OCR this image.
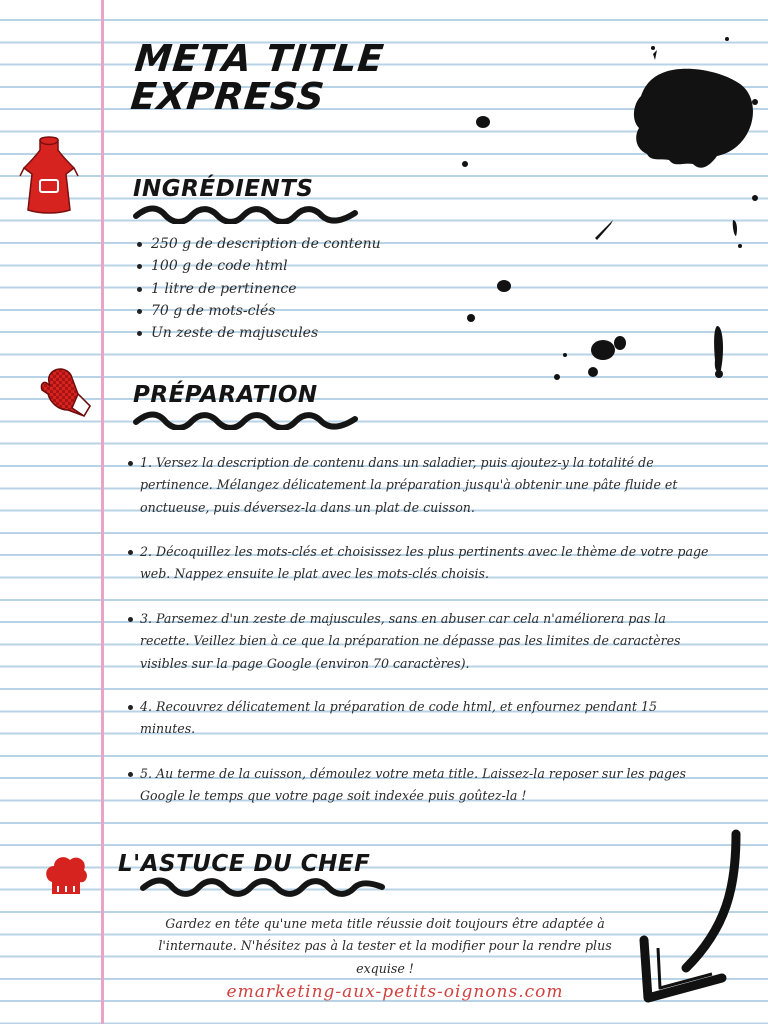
META TITLE EXPRESS
INGRÉDIENTS
250 g de description de contenu
100 g de code html
1 litre de pertinence
70 g de mots-clés
Un zeste de majuscules
PRÉPARATION

1. Versez la description de contenu dans un saladier, puis ajoutez-y la totalité de pertinence. Mélangez délicatement la préparation jusqu'à obtenir une pâte fluide et onctueuse, puis déversez-la dans un plat de cuisson.

2. Décoquillez les mots-clés et choisissez les plus pertinents avec le thème de votre page web. Nappez ensuite le plat avec les mots-clés choisis.

3. Parsemez d'un zeste de majuscules, sans en abuser car cela n'améliorera pas la recette. Veillez bien à ce que la préparation ne dépasse pas les limites de caractères visibles sur la page Google (environ 70 caractères).

4. Recouvrez délicatement la préparation de code html, et enfournez pendant 15 minutes.

5. Au terme de la cuisson, démoulez votre meta title. Laissez-la reposer sur les pages Google le temps que votre page soit indexée puis goûtez-la !

L'ASTUCE DU CHEF
Gardez en tête qu'une meta title réussie doit toujours être adaptée à l'internaute. N'hésitez pas à la tester et la modifier pour la rendre plus exquise !
emarketing-aux-petits-oignons.com
